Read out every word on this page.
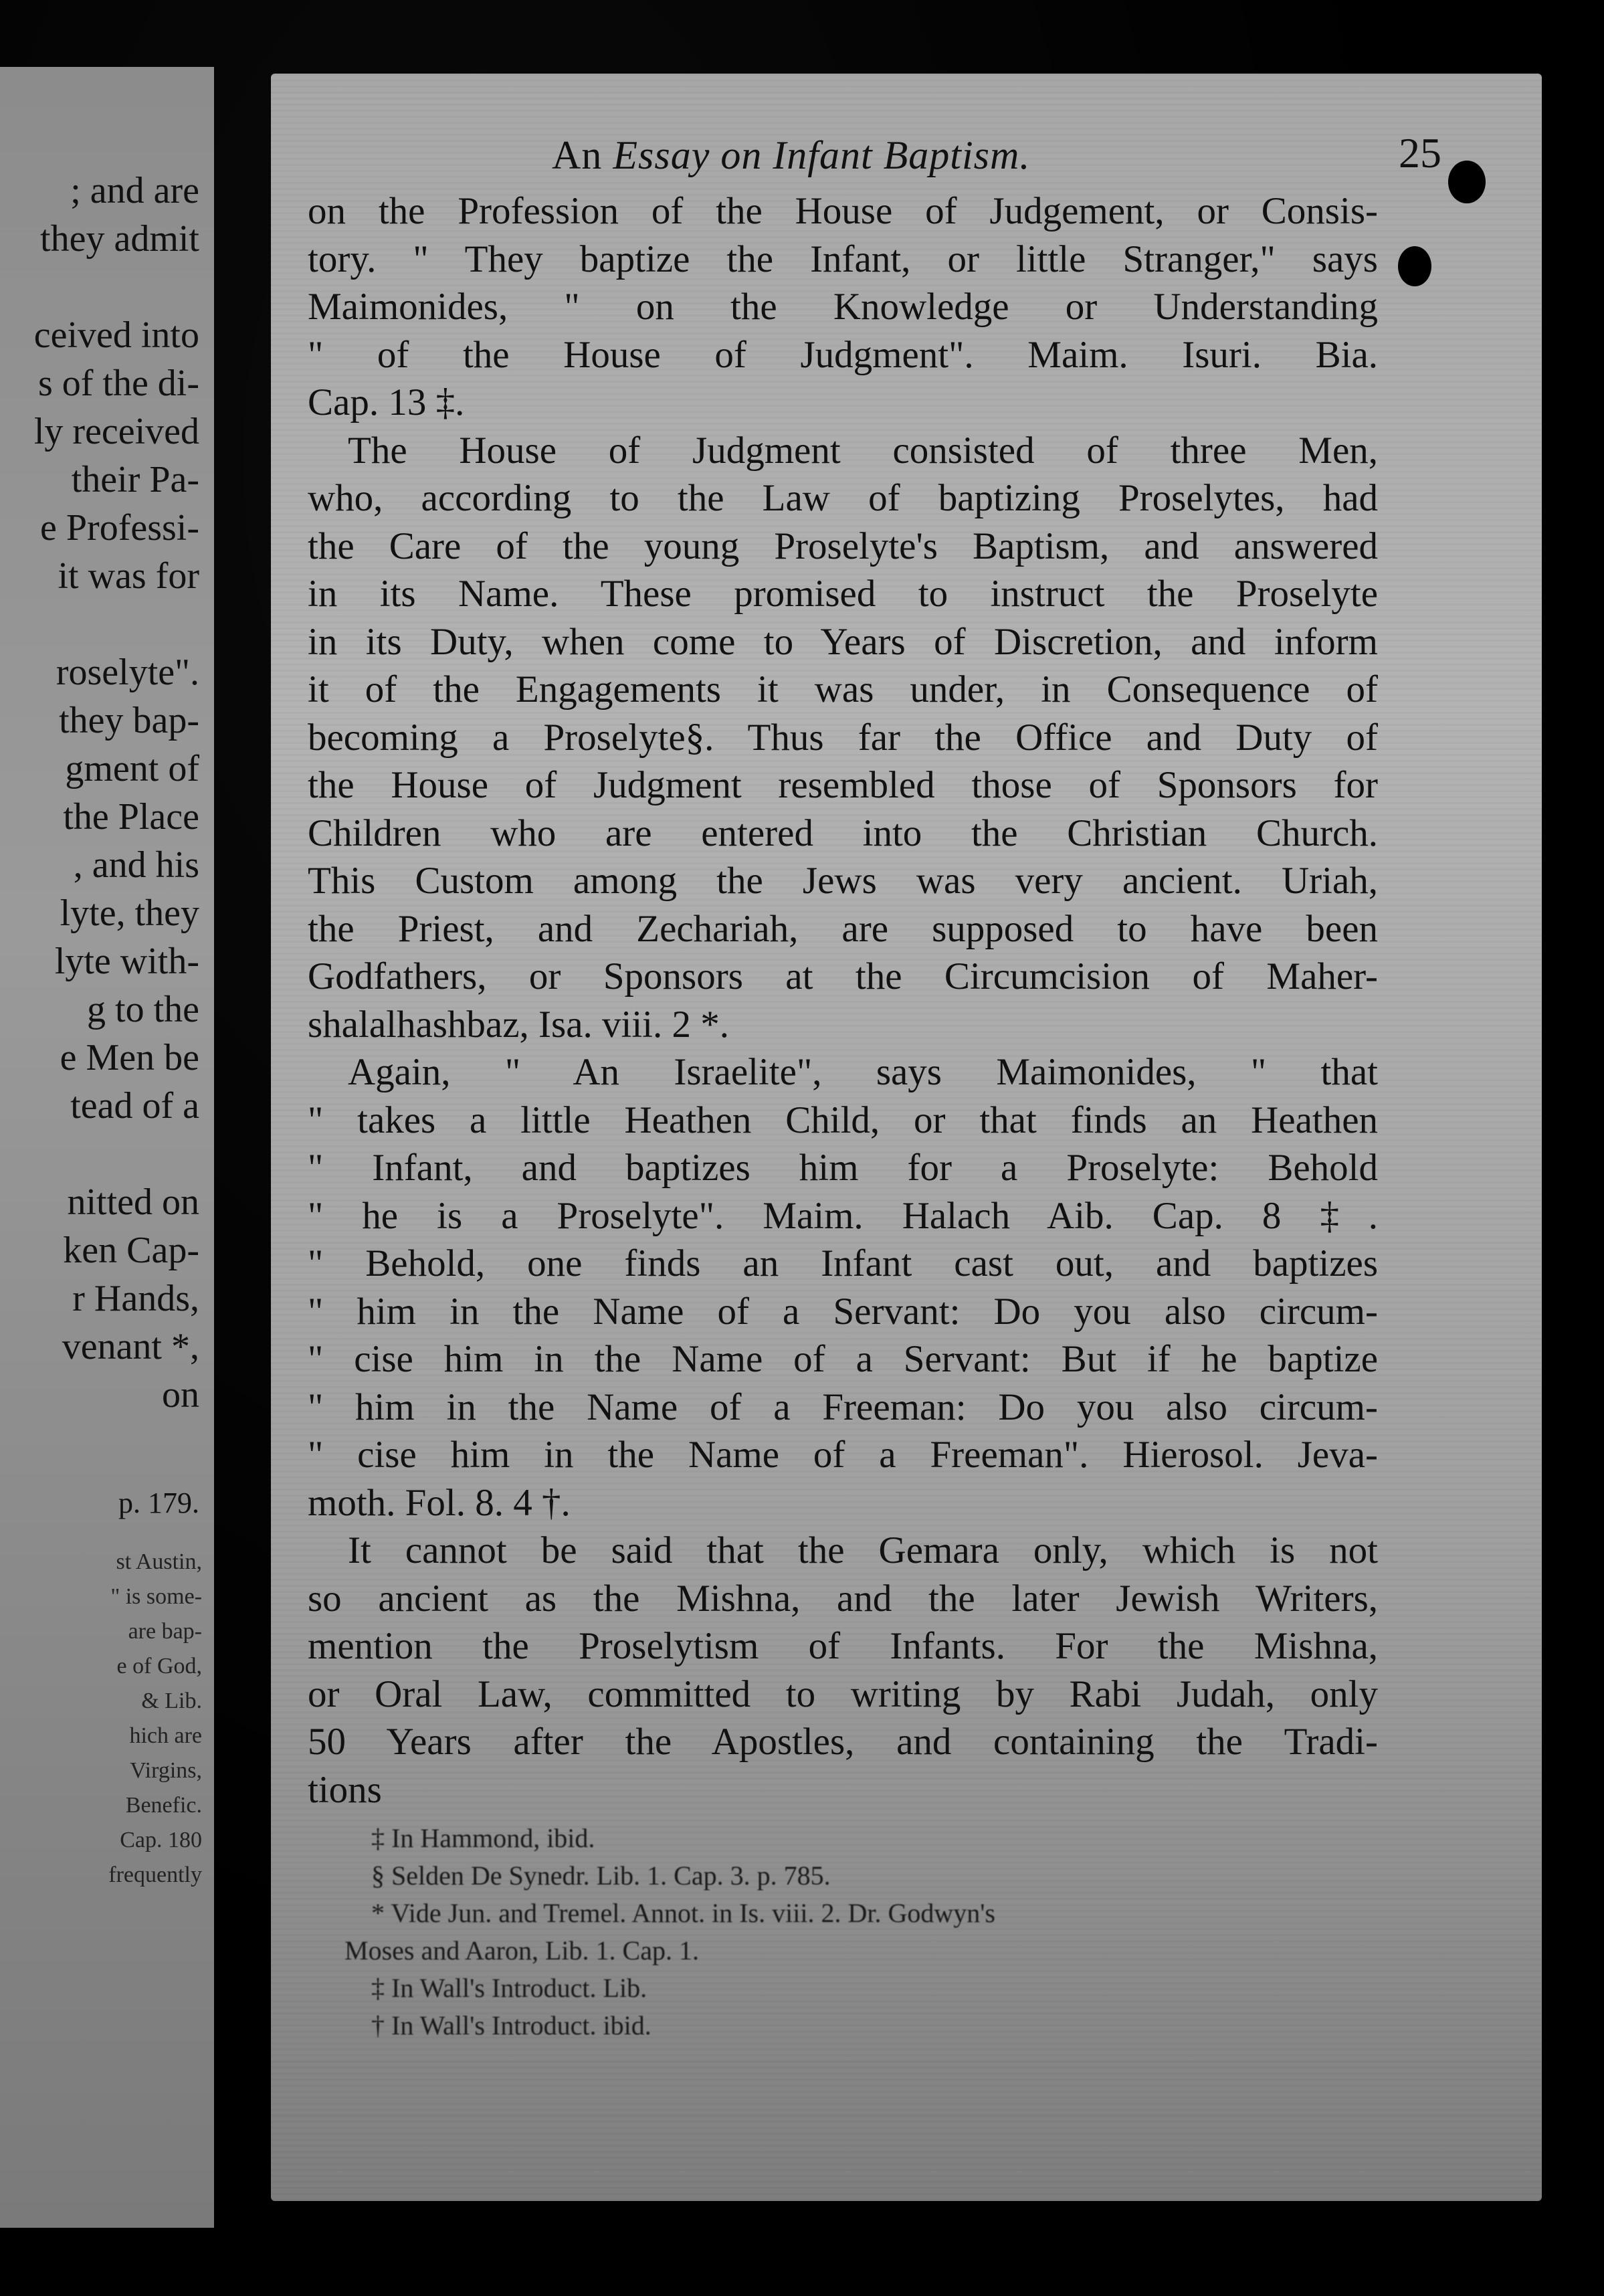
; and are
they admit
ceived into
s of the di-
ly received
their Pa-
e Professi-
it was for
roselyte".
they bap-
gment of
the Place
, and his
lyte, they
lyte with-
g to the
e Men be
tead of a
nitted on
ken Cap-
r Hands,
venant *,
on
p. 179.
st Austin,
" is some-
are bap-
e of God,
& Lib.
hich are
Virgins,
Benefic.
Cap. 180
frequently
An Essay on Infant Baptism.	25
on the Profession of the House of Judgement, or Consis-
tory. " They baptize the Infant, or little Stranger," says
Maimonides, " on the Knowledge or Understanding
" of the House of Judgment". Maim. Isuri. Bia.
Cap. 13 ‡.
The House of Judgment consisted of three Men,
who, according to the Law of baptizing Proselytes, had
the Care of the young Proselyte's Baptism, and answered
in its Name. These promised to instruct the Proselyte
in its Duty, when come to Years of Discretion, and inform
it of the Engagements it was under, in Consequence of
becoming a Proselyte§. Thus far the Office and Duty of
the House of Judgment resembled those of Sponsors for
Children who are entered into the Christian Church.
This Custom among the Jews was very ancient. Uriah,
the Priest, and Zechariah, are supposed to have been
Godfathers, or Sponsors at the Circumcision of Maher-
shalalhashbaz, Isa. viii. 2 *.
Again, " An Israelite", says Maimonides, " that
" takes a little Heathen Child, or that finds an Heathen
" Infant, and baptizes him for a Proselyte: Behold
" he is a Proselyte". Maim. Halach Aib. Cap. 8 ‡.
" Behold, one finds an Infant cast out, and baptizes
" him in the Name of a Servant: Do you also circum-
" cise him in the Name of a Servant: But if he baptize
" him in the Name of a Freeman: Do you also circum-
" cise him in the Name of a Freeman". Hierosol. Jeva-
moth. Fol. 8. 4 †.
It cannot be said that the Gemara only, which is not
so ancient as the Mishna, and the later Jewish Writers,
mention the Proselytism of Infants. For the Mishna,
or Oral Law, committed to writing by Rabi Judah, only
50 Years after the Apostles, and containing the Tradi-
tions
‡ In Hammond, ibid.
§ Selden De Synedr. Lib. 1. Cap. 3. p. 785.
* Vide Jun. and Tremel. Annot. in Is. viii. 2. Dr. Godwyn's
Moses and Aaron, Lib. 1. Cap. 1.
‡ In Wall's Introduct. Lib.
† In Wall's Introduct. ibid.
